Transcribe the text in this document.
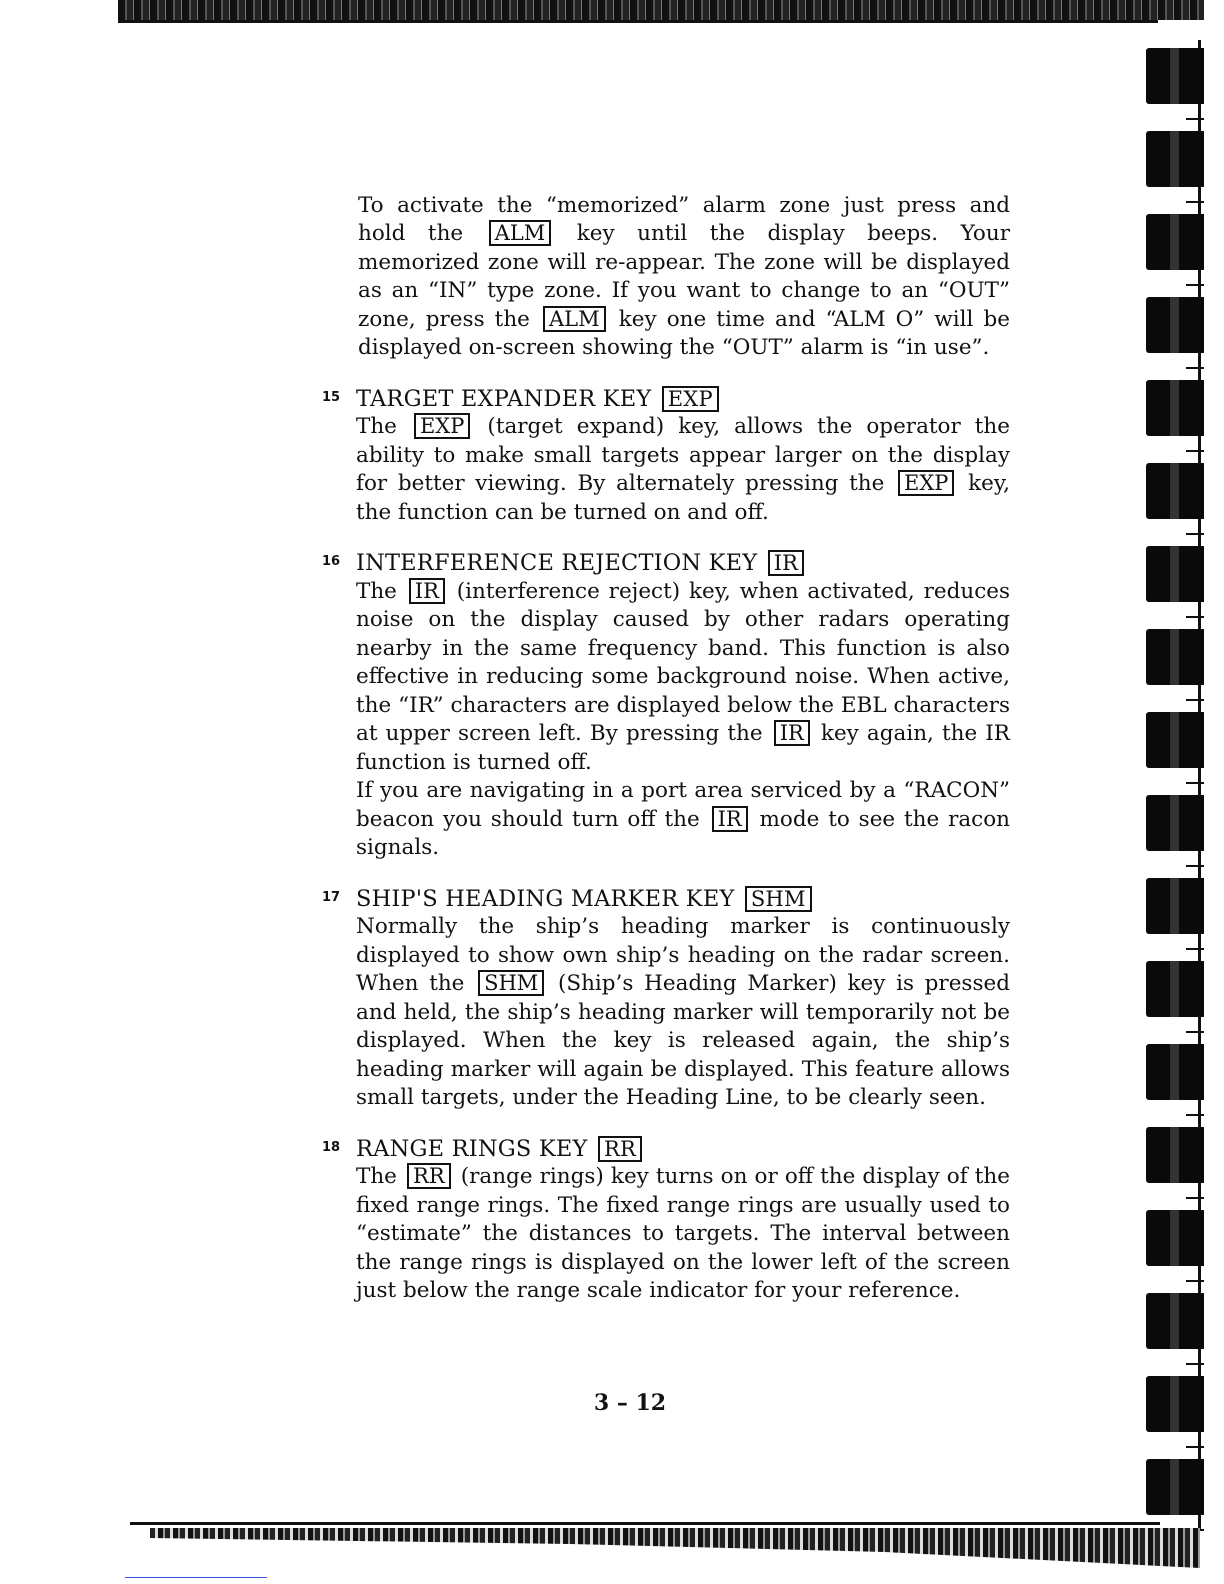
To activate the “memorized” alarm zone just press and hold the ALM key until the display beeps. Your memorized zone will re-appear. The zone will be displayed as an “IN” type zone. If you want to change to an “OUT” zone, press the ALM key one time and “ALM O” will be displayed on-screen showing the “OUT” alarm is “in use”.

15 TARGET EXPANDER KEY EXP
The EXP (target expand) key, allows the operator the ability to make small targets appear larger on the display for better viewing. By alternately pressing the EXP key, the function can be turned on and off.
16 INTERFERENCE REJECTION KEY IR
The IR (interference reject) key, when activated, reduces noise on the display caused by other radars operating nearby in the same frequency band. This function is also effective in reducing some background noise. When active, the “IR” characters are displayed below the EBL characters at upper screen left. By pressing the IR key again, the IR function is turned off.
If you are navigating in a port area serviced by a “RACON” beacon you should turn off the IR mode to see the racon signals.
17 SHIP'S HEADING MARKER KEY SHM
Normally the ship’s heading marker is continuously displayed to show own ship’s heading on the radar screen. When the SHM (Ship’s Heading Marker) key is pressed and held, the ship’s heading marker will temporarily not be displayed. When the key is released again, the ship’s heading marker will again be displayed. This feature allows small targets, under the Heading Line, to be clearly seen.
18 RANGE RINGS KEY RR
The RR (range rings) key turns on or off the display of the fixed range rings. The fixed range rings are usually used to “estimate” the distances to targets. The interval between the range rings is displayed on the lower left of the screen just below the range scale indicator for your reference.
3 – 12
